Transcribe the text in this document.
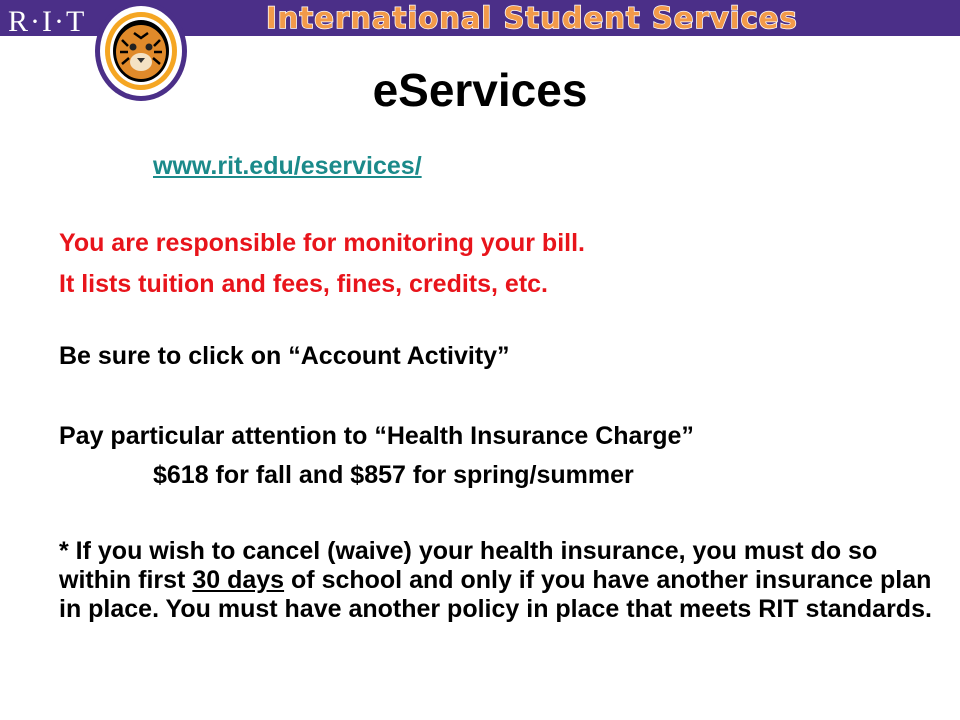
R·I·T	International Student Services
eServices
www.rit.edu/eservices/
You are responsible for monitoring your bill.
It lists tuition and fees, fines, credits, etc.
Be sure to click on “Account Activity”
Pay particular attention to “Health Insurance Charge”
$618 for fall and $857 for spring/summer
* If you wish to cancel (waive) your health insurance, you must do so within first 30 days of school and only if you have another insurance plan in place. You must have another policy in place that meets RIT standards.
